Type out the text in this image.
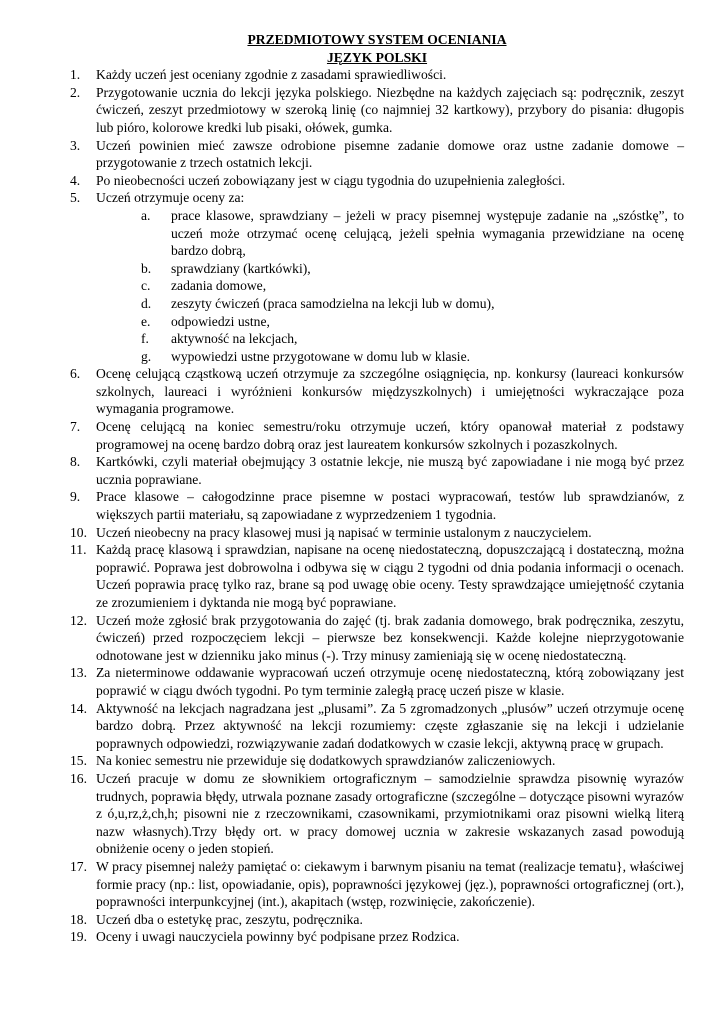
PRZEDMIOTOWY SYSTEM OCENIANIA

JĘZYK POLSKI

1. Każdy uczeń jest oceniany zgodnie z zasadami sprawiedliwości.
2. Przygotowanie ucznia do lekcji języka polskiego. Niezbędne na każdych zajęciach są: podręcznik, zeszyt ćwiczeń, zeszyt przedmiotowy w szeroką linię (co najmniej 32 kartkowy), przybory do pisania: długopis lub pióro, kolorowe kredki lub pisaki, ołówek, gumka.
3. Uczeń powinien mieć zawsze odrobione pisemne zadanie domowe oraz ustne zadanie domowe – przygotowanie z trzech ostatnich lekcji.
4. Po nieobecności uczeń zobowiązany jest w ciągu tygodnia do uzupełnienia zaległości.
5. Uczeń otrzymuje oceny za:
a. prace klasowe, sprawdziany – jeżeli w pracy pisemnej występuje zadanie na „szóstkę”, to uczeń może otrzymać ocenę celującą, jeżeli spełnia wymagania przewidziane na ocenę bardzo dobrą,
b. sprawdziany (kartkówki),
c. zadania domowe,
d. zeszyty ćwiczeń (praca samodzielna na lekcji lub w domu),
e. odpowiedzi ustne,
f. aktywność na lekcjach,
g. wypowiedzi ustne przygotowane w domu lub w klasie.
6. Ocenę celującą cząstkową uczeń otrzymuje za szczególne osiągnięcia, np. konkursy (laureaci konkursów szkolnych, laureaci i wyróżnieni konkursów międzyszkolnych) i umiejętności wykraczające poza wymagania programowe.
7. Ocenę celującą na koniec semestru/roku otrzymuje uczeń, który opanował materiał z podstawy programowej na ocenę bardzo dobrą oraz jest laureatem konkursów szkolnych i pozaszkolnych.
8. Kartkówki, czyli materiał obejmujący 3 ostatnie lekcje, nie muszą być zapowiadane i nie mogą być przez ucznia poprawiane.
9. Prace klasowe – całogodzinne prace pisemne w postaci wypracowań, testów lub sprawdzianów, z większych partii materiału, są zapowiadane z wyprzedzeniem 1 tygodnia.
10. Uczeń nieobecny na pracy klasowej musi ją napisać w terminie ustalonym z nauczycielem.
11. Każdą pracę klasową i sprawdzian, napisane na ocenę niedostateczną, dopuszczającą i dostateczną, można poprawić. Poprawa jest dobrowolna i odbywa się w ciągu 2 tygodni od dnia podania informacji o ocenach. Uczeń poprawia pracę tylko raz, brane są pod uwagę obie oceny. Testy sprawdzające umiejętność czytania ze zrozumieniem i dyktanda nie mogą być poprawiane.
12. Uczeń może zgłosić brak przygotowania do zajęć (tj. brak zadania domowego, brak podręcznika, zeszytu, ćwiczeń) przed rozpoczęciem lekcji – pierwsze bez konsekwencji. Każde kolejne nieprzygotowanie odnotowane jest w dzienniku jako minus (-). Trzy minusy zamieniają się w ocenę niedostateczną.
13. Za nieterminowe oddawanie wypracowań uczeń otrzymuje ocenę niedostateczną, którą zobowiązany jest poprawić w ciągu dwóch tygodni. Po tym terminie zaległą pracę uczeń pisze w klasie.
14. Aktywność na lekcjach nagradzana jest „plusami”. Za 5 zgromadzonych „plusów” uczeń otrzymuje ocenę bardzo dobrą. Przez aktywność na lekcji rozumiemy: częste zgłaszanie się na lekcji i udzielanie poprawnych odpowiedzi, rozwiązywanie zadań dodatkowych w czasie lekcji, aktywną pracę w grupach.
15. Na koniec semestru nie przewiduje się dodatkowych sprawdzianów zaliczeniowych.
16. Uczeń pracuje w domu ze słownikiem ortograficznym – samodzielnie sprawdza pisownię wyrazów trudnych, poprawia błędy, utrwala poznane zasady ortograficzne (szczególne – dotyczące pisowni wyrazów z ó,u,rz,ż,ch,h; pisowni nie z rzeczownikami, czasownikami, przymiotnikami oraz pisowni wielką literą nazw własnych).Trzy błędy ort. w pracy domowej ucznia w zakresie wskazanych zasad powodują obniżenie oceny o jeden stopień.
17. W pracy pisemnej należy pamiętać o: ciekawym i barwnym pisaniu na temat (realizacje tematu}, właściwej formie pracy (np.: list, opowiadanie, opis), poprawności językowej (jęz.), poprawności ortograficznej (ort.), poprawności interpunkcyjnej (int.), akapitach (wstęp, rozwinięcie, zakończenie).
18. Uczeń dba o estetykę prac, zeszytu, podręcznika.
19. Oceny i uwagi nauczyciela powinny być podpisane przez Rodzica.
